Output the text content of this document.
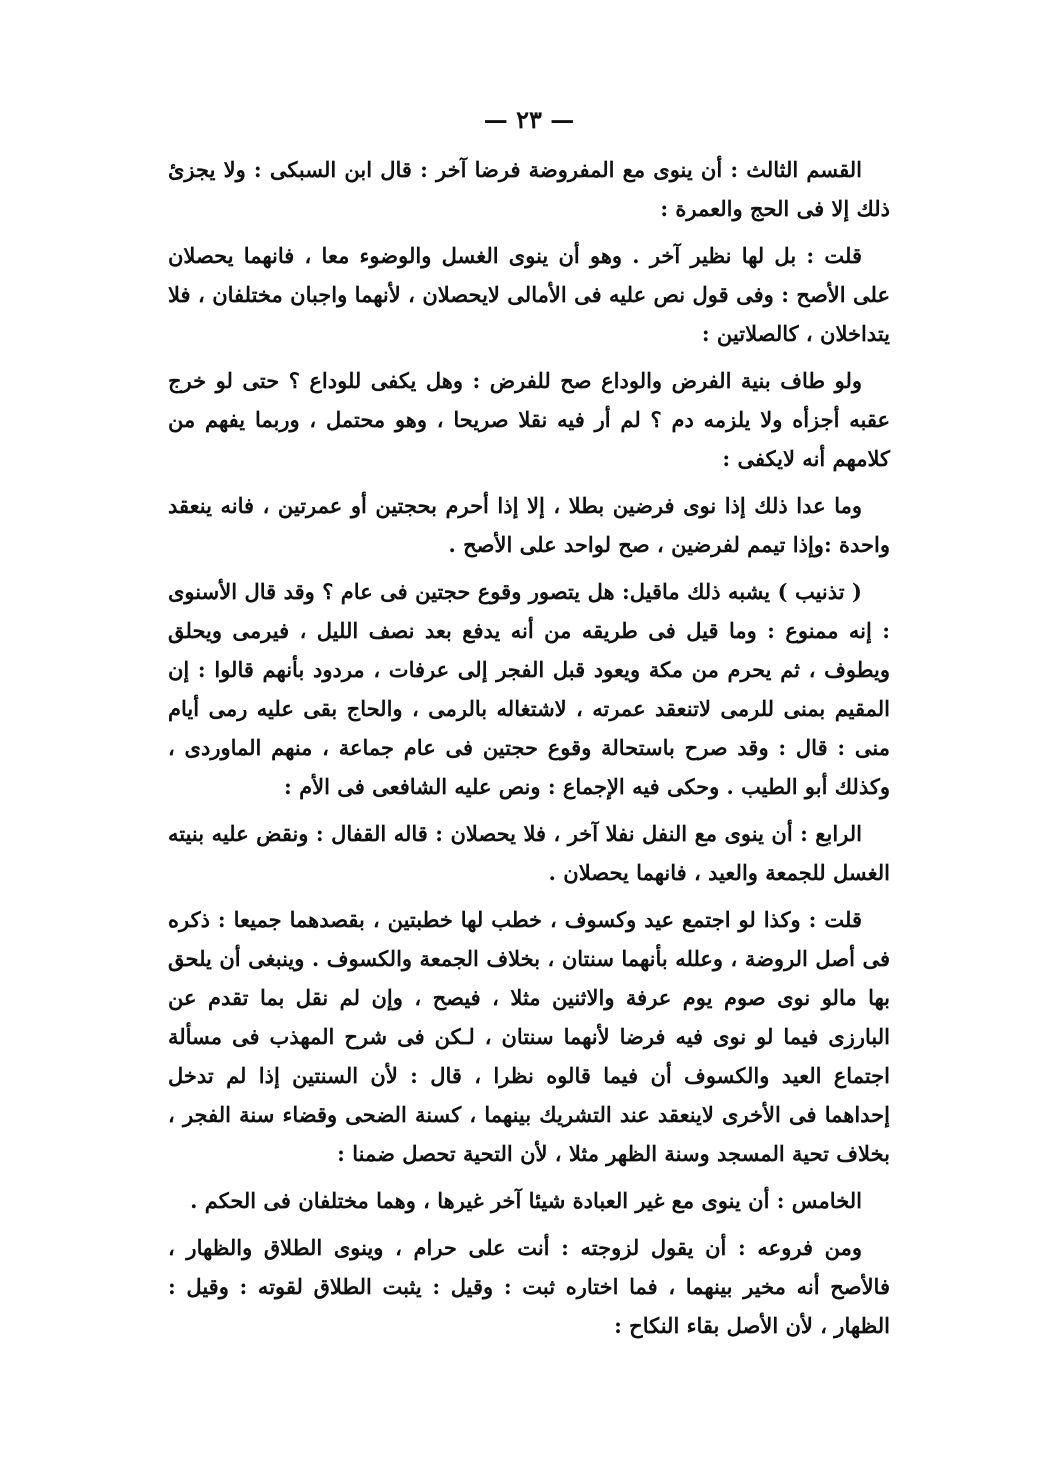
— ٢٣ —

القسم الثالث : أن ينوى مع المفروضة فرضا آخر : قال ابن السبكى : ولا يجزئ ذلك إلا فى الحج والعمرة :

قلت : بل لها نظير آخر . وهو أن ينوى الغسل والوضوء معا ، فانهما يحصلان على الأصح : وفى قول نص عليه فى الأمالى لايحصلان ، لأنهما واجبان مختلفان ، فلا يتداخلان ، كالصلاتين :

ولو طاف بنية الفرض والوداع صح للفرض : وهل يكفى للوداع ؟ حتى لو خرج عقبه أجزأه ولا يلزمه دم ؟ لم أر فيه نقلا صريحا ، وهو محتمل ، وربما يفهم من كلامهم أنه لايكفى :

وما عدا ذلك إذا نوى فرضين بطلا ، إلا إذا أحرم بحجتين أو عمرتين ، فانه ينعقد واحدة :وإذا تيمم لفرضين ، صح لواحد على الأصح .

( تذنيب ) يشبه ذلك ماقيل: هل يتصور وقوع حجتين فى عام ؟ وقد قال الأسنوى : إنه ممنوع : وما قيل فى طريقه من أنه يدفع بعد نصف الليل ، فيرمى ويحلق ويطوف ، ثم يحرم من مكة ويعود قبل الفجر إلى عرفات ، مردود بأنهم قالوا : إن المقيم بمنى للرمى لاتنعقد عمرته ، لاشتغاله بالرمى ، والحاج بقى عليه رمى أيام منى : قال : وقد صرح باستحالة وقوع حجتين فى عام جماعة ، منهم الماوردى ، وكذلك أبو الطيب . وحكى فيه الإجماع : ونص عليه الشافعى فى الأم :

الرابع : أن ينوى مع النفل نفلا آخر ، فلا يحصلان : قاله القفال : ونقض عليه بنيته الغسل للجمعة والعيد ، فانهما يحصلان .

قلت : وكذا لو اجتمع عيد وكسوف ، خطب لها خطبتين ، بقصدهما جميعا : ذكره فى أصل الروضة ، وعلله بأنهما سنتان ، بخلاف الجمعة والكسوف . وينبغى أن يلحق بها مالو نوى صوم يوم عرفة والاثنين مثلا ، فيصح ، وإن لم نقل بما تقدم عن البارزى فيما لو نوى فيه فرضا لأنهما سنتان ، لـكن فى شرح المهذب فى مسألة اجتماع العيد والكسوف أن فيما قالوه نظرا ، قال : لأن السنتين إذا لم تدخل إحداهما فى الأخرى لاينعقد عند التشريك بينهما ، كسنة الضحى وقضاء سنة الفجر ، بخلاف تحية المسجد وسنة الظهر مثلا ، لأن التحية تحصل ضمنا :

الخامس : أن ينوى مع غير العبادة شيئا آخر غيرها ، وهما مختلفان فى الحكم .

ومن فروعه : أن يقول لزوجته : أنت على حرام ، وينوى الطلاق والظهار ، فالأصح أنه مخير بينهما ، فما اختاره ثبت : وقيل : يثبت الطلاق لقوته : وقيل : الظهار ، لأن الأصل بقاء النكاح :
